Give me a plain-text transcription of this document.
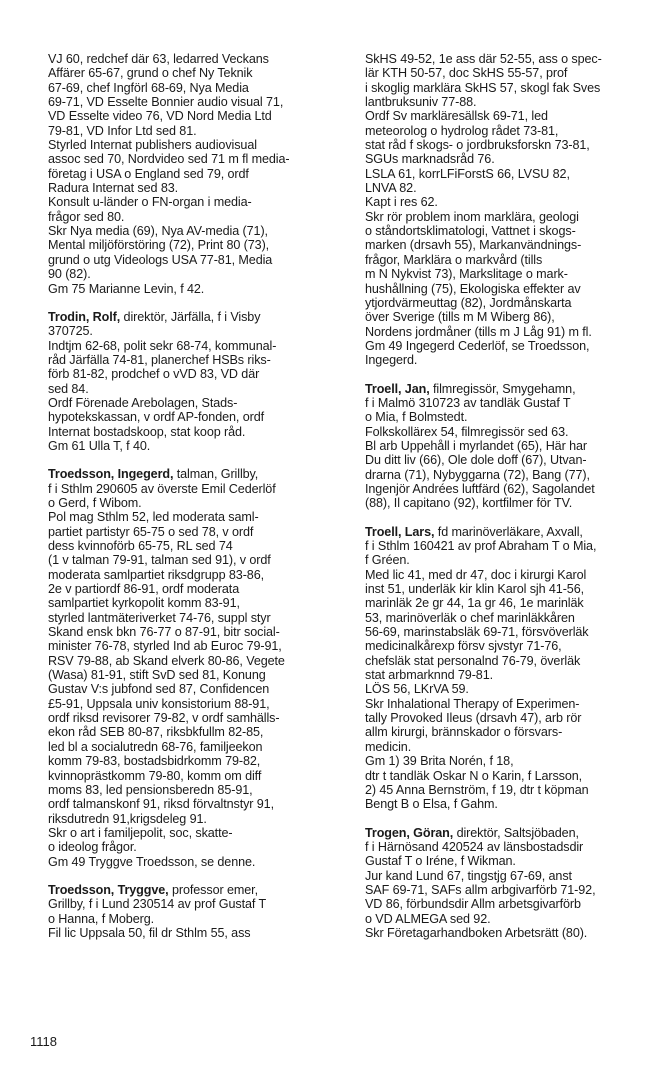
VJ 60, redchef där 63, ledarred Veckans
Affärer 65-67, grund o chef Ny Teknik
67-69, chef Ingförl 68-69, Nya Media
69-71, VD Esselte Bonnier audio visual 71,
VD Esselte video 76, VD Nord Media Ltd
79-81, VD Infor Ltd sed 81.
Styrled Internat publishers audiovisual
assoc sed 70, Nordvideo sed 71 m fl media-
företag i USA o England sed 79, ordf
Radura Internat sed 83.
Konsult u-länder o FN-organ i media-
frågor sed 80.
Skr Nya media (69), Nya AV-media (71),
Mental miljöförstöring (72), Print 80 (73),
grund o utg Videologs USA 77-81, Media
90 (82).
Gm 75 Marianne Levin, f 42.
Trodin, Rolf, direktör, Järfälla, f i Visby
370725.
Indtjm 62-68, polit sekr 68-74, kommunal-
råd Järfälla 74-81, planerchef HSBs riks-
förb 81-82, prodchef o vVD 83, VD där
sed 84.
Ordf Förenade Arebolagen, Stads-
hypotekskassan, v ordf AP-fonden, ordf
Internat bostadskoop, stat koop råd.
Gm 61 Ulla T, f 40.
Troedsson, Ingegerd, talman, Grillby,
f i Sthlm 290605 av överste Emil Cederlöf
o Gerd, f Wibom.
Pol mag Sthlm 52, led moderata saml-
partiet partistyr 65-75 o sed 78, v ordf
dess kvinnoförb 65-75, RL sed 74
(1 v talman 79-91, talman sed 91), v ordf
moderata samlpartiet riksdgrupp 83-86,
2e v partiordf 86-91, ordf moderata
samlpartiet kyrkopolit komm 83-91,
styrled lantmäteriverket 74-76, suppl styr
Skand ensk bkn 76-77 o 87-91, bitr social-
minister 76-78, styrled Ind ab Euroc 79-91,
RSV 79-88, ab Skand elverk 80-86, Vegete
(Wasa) 81-91, stift SvD sed 81, Konung
Gustav V:s jubfond sed 87, Confidencen
£5-91, Uppsala univ konsistorium 88-91,
ordf riksd revisorer 79-82, v ordf samhälls-
ekon råd SEB 80-87, riksbkfullm 82-85,
led bl a socialutredn 68-76, familjeekon
komm 79-83, bostadsbidrkomm 79-82,
kvinnoprästkomm 79-80, komm om diff
moms 83, led pensionsberedn 85-91,
ordf talmanskonf 91, riksd förvaltnstyr 91,
riksdutredn 91,krigsdeleg 91.
Skr o art i familjepolit, soc, skatte-
o ideolog frågor.
Gm 49 Tryggve Troedsson, se denne.
Troedsson, Tryggve, professor emer,
Grillby, f i Lund 230514 av prof Gustaf T
o Hanna, f Moberg.
Fil lic Uppsala 50, fil dr Sthlm 55, ass
SkHS 49-52, 1e ass där 52-55, ass o spec-
lär KTH 50-57, doc SkHS 55-57, prof
i skoglig marklära SkHS 57, skogl fak Sves
lantbruksuniv 77-88.
Ordf Sv markläresällsk 69-71, led
meteorolog o hydrolog rådet 73-81,
stat råd f skogs- o jordbruksforskn 73-81,
SGUs marknadsråd 76.
LSLA 61, korrLFiForstS 66, LVSU 82,
LNVA 82.
Kapt i res 62.
Skr rör problem inom marklära, geologi
o ståndortsklimatologi, Vattnet i skogs-
marken (drsavh 55), Markanvändnings-
frågor, Marklära o markvård (tills
m N Nykvist 73), Markslitage o mark-
hushållning (75), Ekologiska effekter av
ytjordvärmeuttag (82), Jordmånskarta
över Sverige (tills m M Wiberg 86),
Nordens jordmåner (tills m J Låg 91) m fl.
Gm 49 Ingegerd Cederlöf, se Troedsson,
Ingegerd.
Troell, Jan, filmregissör, Smygehamn,
f i Malmö 310723 av tandläk Gustaf T
o Mia, f Bolmstedt.
Folkskollärex 54, filmregissör sed 63.
Bl arb Uppehåll i myrlandet (65), Här har
Du ditt liv (66), Ole dole doff (67), Utvan-
drarna (71), Nybyggarna (72), Bang (77),
Ingenjör Andrées luftfärd (62), Sagolandet
(88), Il capitano (92), kortfilmer för TV.
Troell, Lars, fd marinöverläkare, Axvall,
f i Sthlm 160421 av prof Abraham T o Mia,
f Gréen.
Med lic 41, med dr 47, doc i kirurgi Karol
inst 51, underläk kir klin Karol sjh 41-56,
marinläk 2e gr 44, 1a gr 46, 1e marinläk
53, marinöverläk o chef marinläkkåren
56-69, marinstabsläk 69-71, försvöverläk
medicinalkårexp försv sjvstyr 71-76,
chefsläk stat personalnd 76-79, överläk
stat arbmarknnd 79-81.
LÖS 56, LKrVA 59.
Skr Inhalational Therapy of Experimen-
tally Provoked Ileus (drsavh 47), arb rör
allm kirurgi, brännskador o försvars-
medicin.
Gm 1) 39 Brita Norén, f 18,
dtr t tandläk Oskar N o Karin, f Larsson,
2) 45 Anna Bernström, f 19, dtr t köpman
Bengt B o Elsa, f Gahm.
Trogen, Göran, direktör, Saltsjöbaden,
f i Härnösand 420524 av länsbostadsdir
Gustaf T o Iréne, f Wikman.
Jur kand Lund 67, tingstjg 67-69, anst
SAF 69-71, SAFs allm arbgivarförb 71-92,
VD 86, förbundsdir Allm arbetsgivarförb
o VD ALMEGA sed 92.
Skr Företagarhandboken Arbetsrätt (80).
1118
